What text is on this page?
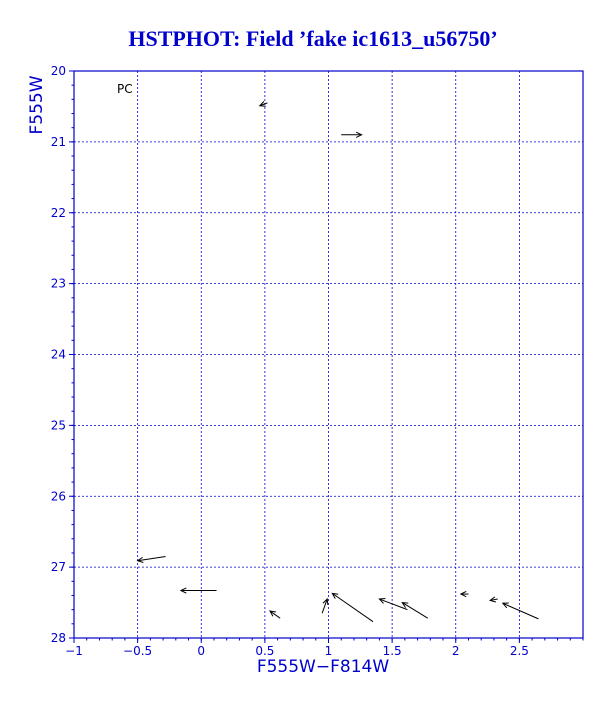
HSTPHOT: Field ’fake ic1613_u56750’
F555W−F814W
F555W
−1	−0.5	0	0.5	1	1.5	2	2.5
20
21
22
23
24
25
26
27
28
PC
